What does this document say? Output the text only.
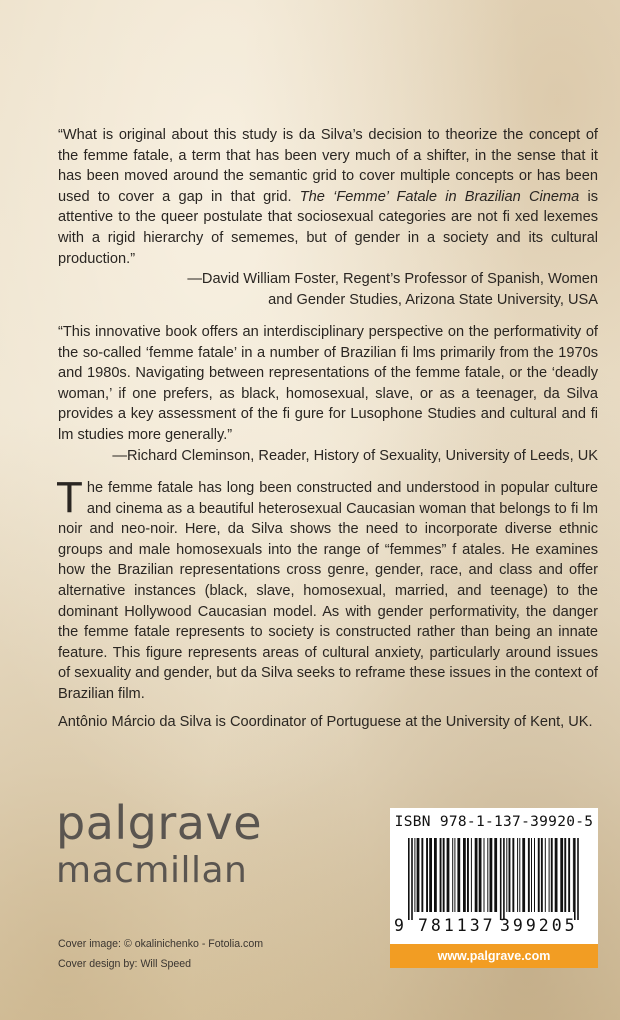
“What is original about this study is da Silva’s decision to theorize the concept of the femme fatale, a term that has been very much of a shifter, in the sense that it has been moved around the semantic grid to cover multiple concepts or has been used to cover a gap in that grid. The ‘Femme’ Fatale in Brazilian Cinema is attentive to the queer postulate that sociosexual categories are not fi xed lexemes with a rigid hierarchy of sememes, but of gender in a society and its cultural production.”
—David William Foster, Regent’s Professor of Spanish, Women
and Gender Studies, Arizona State University, USA
“This innovative book offers an interdisciplinary perspective on the performativity of the so-called ‘femme fatale’ in a number of Brazilian fi lms primarily from the 1970s and 1980s. Navigating between representations of the femme fatale, or the ‘deadly woman,’ if one prefers, as black, homosexual, slave, or as a teenager, da Silva provides a key assessment of the fi gure for Lusophone Studies and cultural and fi lm studies more generally.”
—Richard Cleminson, Reader, History of Sexuality, University of Leeds, UK
The femme fatale has long been constructed and understood in popular culture and cinema as a beautiful heterosexual Caucasian woman that belongs to fi lm noir and neo-noir. Here, da Silva shows the need to incorporate diverse ethnic groups and male homosexuals into the range of “femmes” f atales. He examines how the Brazilian representations cross genre, gender, race, and class and offer alternative instances (black, slave, homosexual, married, and teenage) to the dominant Hollywood Caucasian model. As with gender performativity, the danger the femme fatale represents to society is constructed rather than being an innate feature. This figure represents areas of cultural anxiety, particularly around issues of sexuality and gender, but da Silva seeks to reframe these issues in the context of Brazilian film.
Antônio Márcio da Silva is Coordinator of Portuguese at the University of Kent, UK.
palgrave
macmillan
Cover image: © okalinichenko - Fotolia.com
Cover design by: Will Speed
ISBN 978-1-137-39920-5
9 781137 399205
www.palgrave.com
